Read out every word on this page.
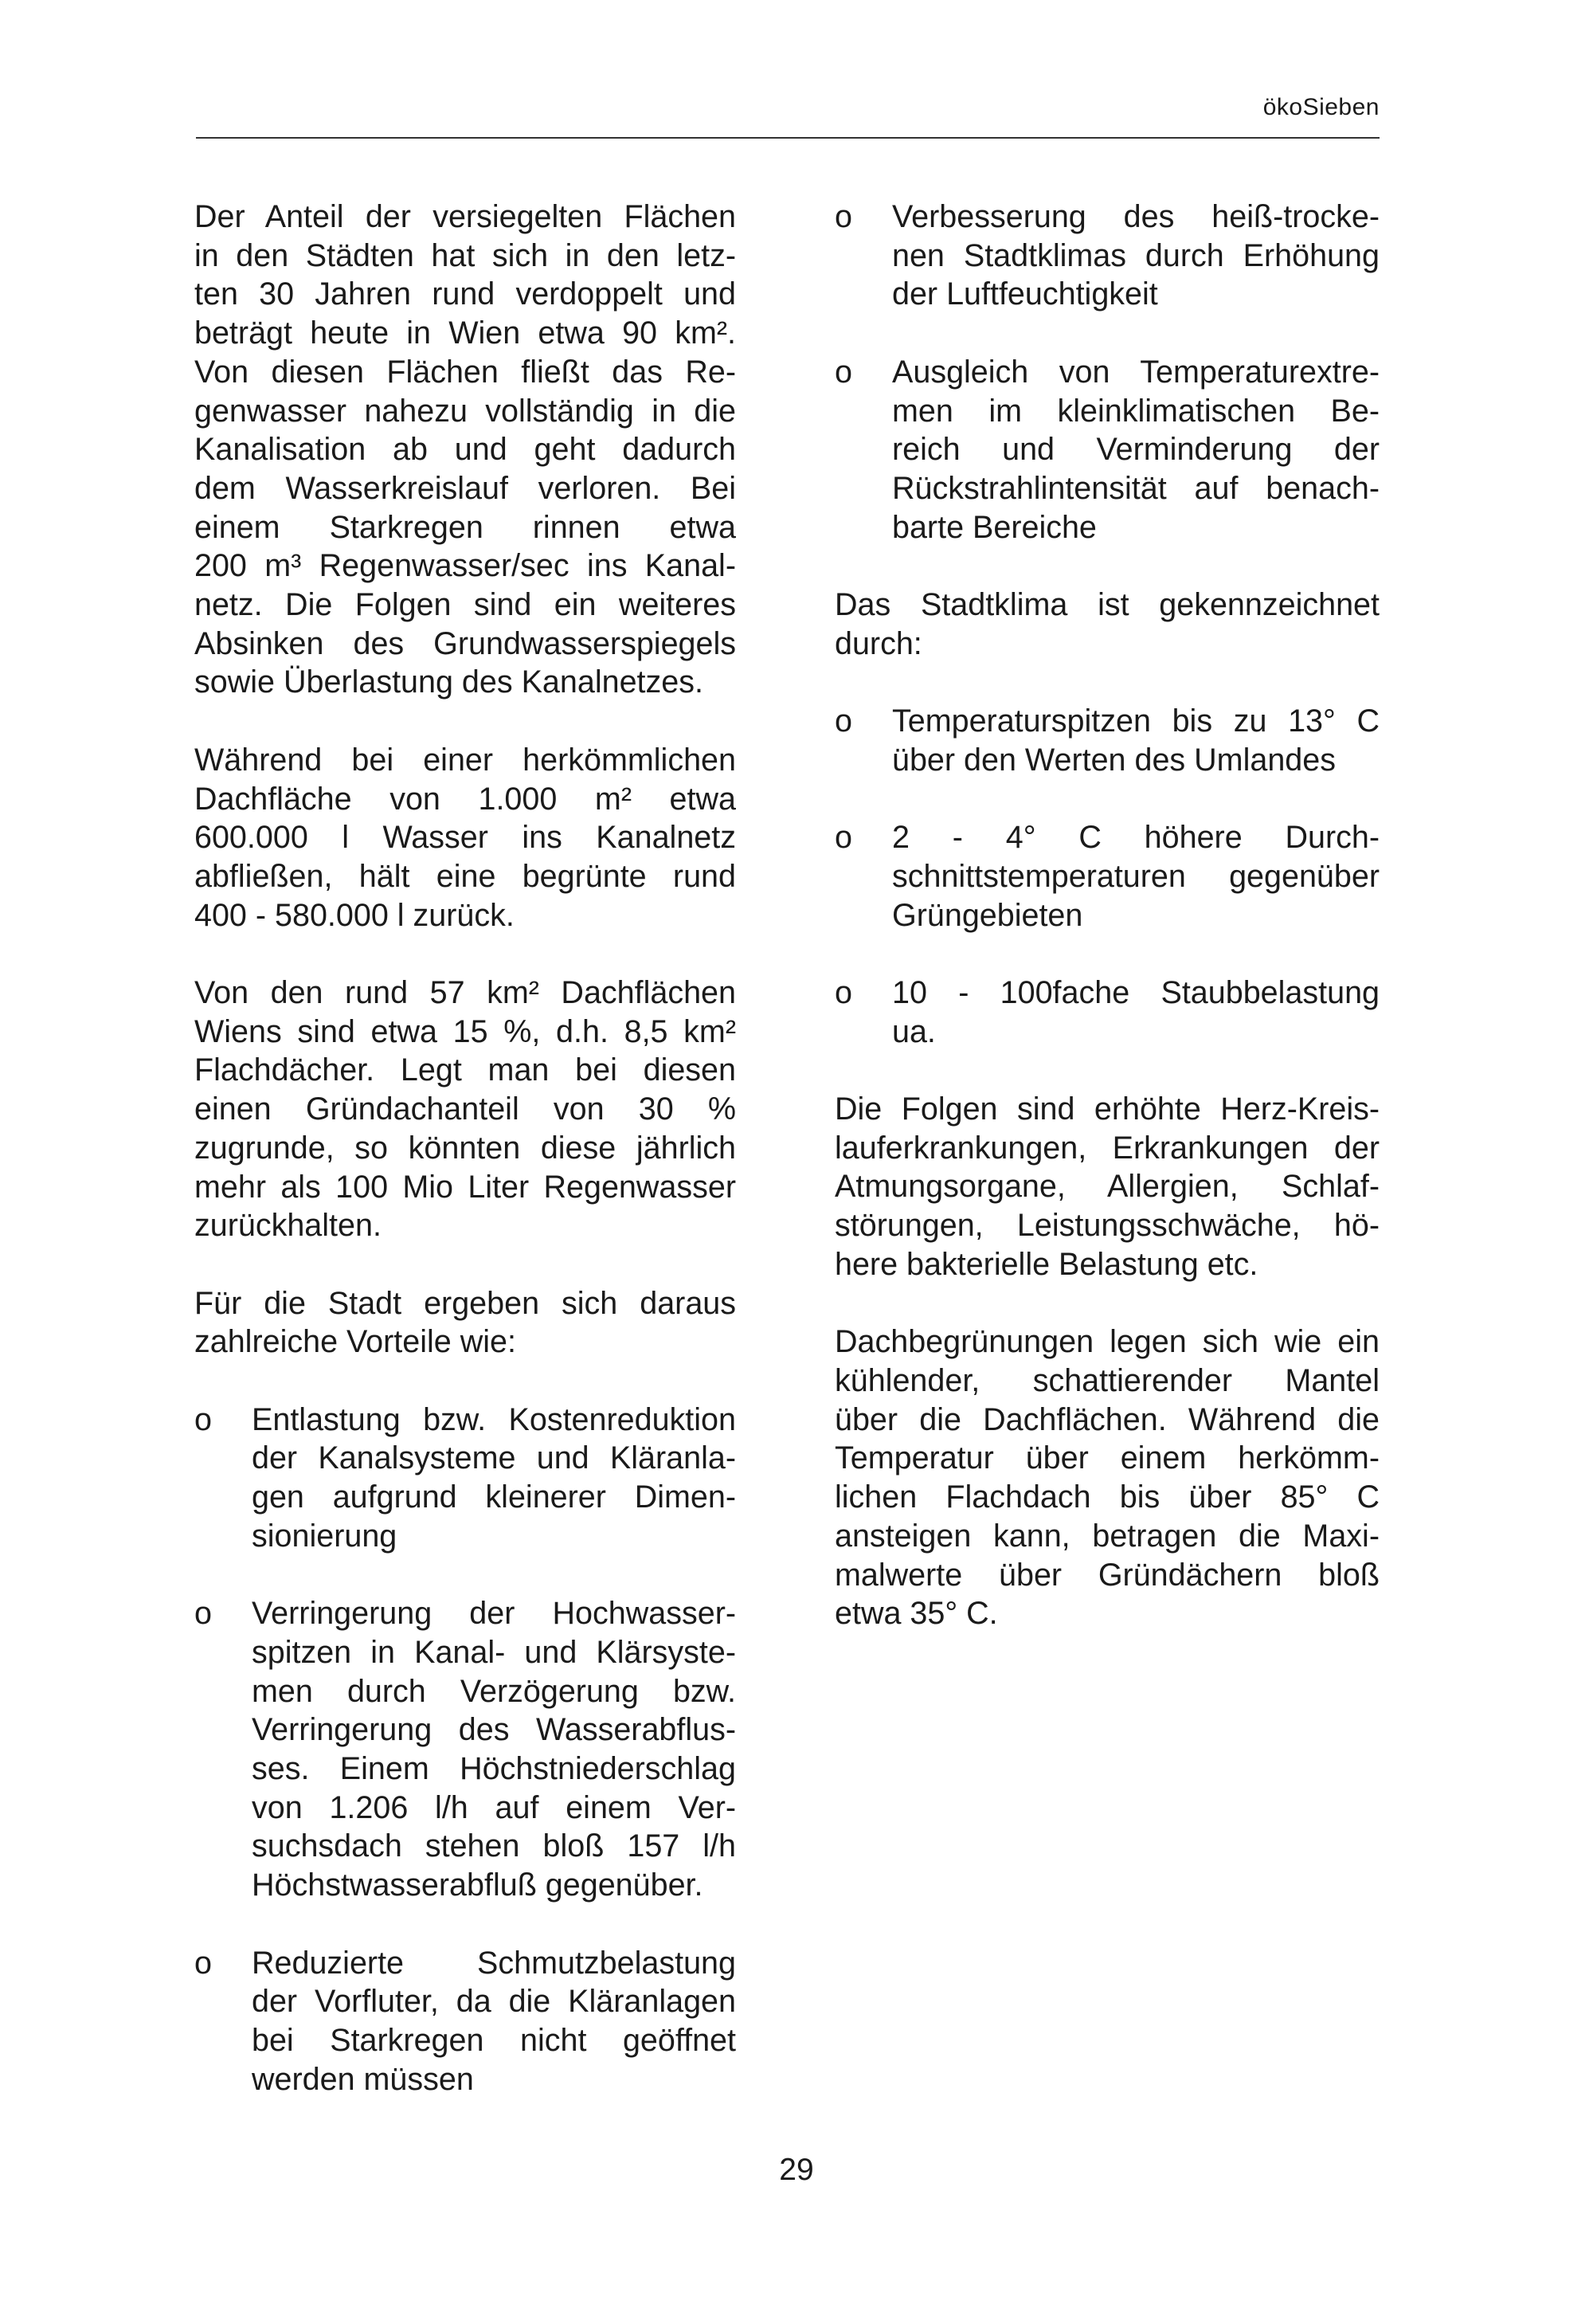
ökoSieben
Der Anteil der versiegelten Flächen
in den Städten hat sich in den letz-
ten 30 Jahren rund verdoppelt und
beträgt heute in Wien etwa 90 km².
Von diesen Flächen fließt das Re-
genwasser nahezu vollständig in die
Kanalisation ab und geht dadurch
dem Wasserkreislauf verloren. Bei
einem Starkregen rinnen etwa
200 m³ Regenwasser/sec ins Kanal-
netz. Die Folgen sind ein weiteres
Absinken des Grundwasserspiegels
sowie Überlastung des Kanalnetzes.
Während bei einer herkömmlichen
Dachfläche von 1.000 m² etwa
600.000 l Wasser ins Kanalnetz
abfließen, hält eine begrünte rund
400 - 580.000 l zurück.
Von den rund 57 km² Dachflächen
Wiens sind etwa 15 %, d.h. 8,5 km²
Flachdächer. Legt man bei diesen
einen Gründachanteil von 30 %
zugrunde, so könnten diese jährlich
mehr als 100 Mio Liter Regenwasser
zurückhalten.
Für die Stadt ergeben sich daraus
zahlreiche Vorteile wie:
o	Entlastung bzw. Kostenreduktion
der Kanalsysteme und Kläranla-
gen aufgrund kleinerer Dimen-
sionierung
o	Verringerung der Hochwasser-
spitzen in Kanal- und Klärsyste-
men durch Verzögerung bzw.
Verringerung des Wasserabflus-
ses. Einem Höchstniederschlag
von 1.206 l/h auf einem Ver-
suchsdach stehen bloß 157 l/h
Höchstwasserabfluß gegenüber.
o	Reduzierte Schmutzbelastung
der Vorfluter, da die Kläranlagen
bei Starkregen nicht geöffnet
werden müssen
o	Verbesserung des heiß-trocke-
nen Stadtklimas durch Erhöhung
der Luftfeuchtigkeit
o	Ausgleich von Temperaturextre-
men im kleinklimatischen Be-
reich und Verminderung der
Rückstrahlintensität auf benach-
barte Bereiche
Das Stadtklima ist gekennzeichnet
durch:
o	Temperaturspitzen bis zu 13° C
über den Werten des Umlandes
o	2 - 4° C höhere Durch-
schnittstemperaturen gegenüber
Grüngebieten
o	10 - 100fache Staubbelastung
ua.
Die Folgen sind erhöhte Herz-Kreis-
lauferkrankungen, Erkrankungen der
Atmungsorgane, Allergien, Schlaf-
störungen, Leistungsschwäche, hö-
here bakterielle Belastung etc.
Dachbegrünungen legen sich wie ein
kühlender, schattierender Mantel
über die Dachflächen. Während die
Temperatur über einem herkömm-
lichen Flachdach bis über 85° C
ansteigen kann, betragen die Maxi-
malwerte über Gründächern bloß
etwa 35° C.
29
